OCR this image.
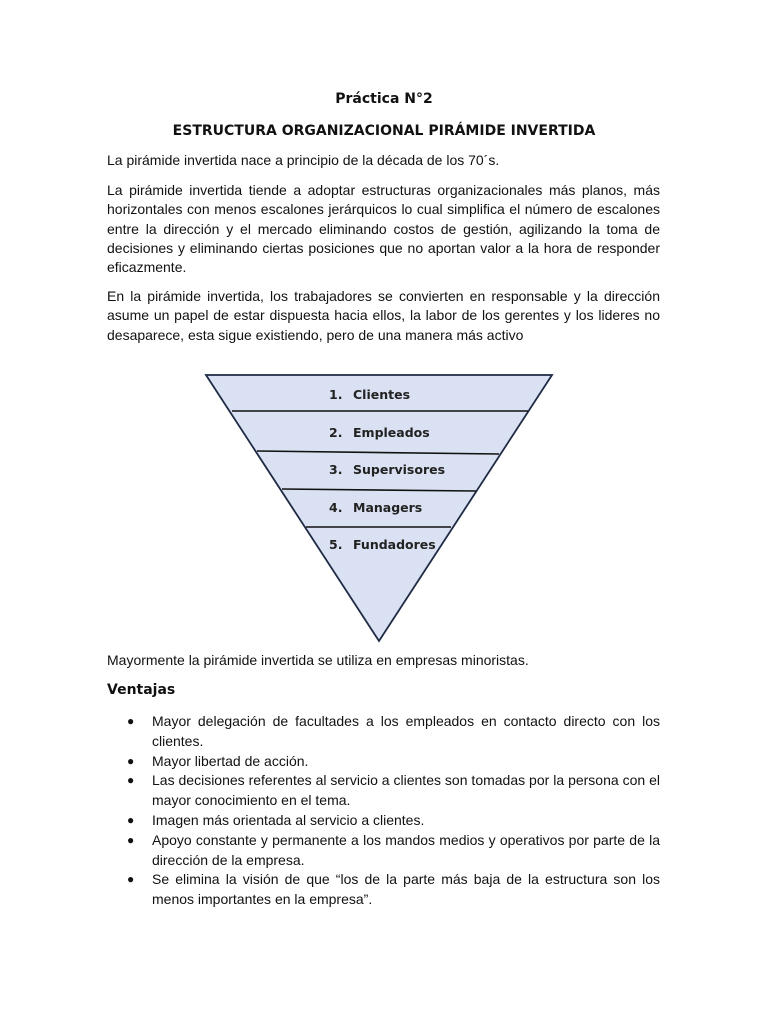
Práctica N°2
ESTRUCTURA ORGANIZACIONAL PIRÁMIDE INVERTIDA

La pirámide invertida nace a principio de la década de los 70´s.

La pirámide invertida tiende a adoptar estructuras organizacionales más planos, más horizontales con menos escalones jerárquicos lo cual simplifica el número de escalones entre la dirección y el mercado eliminando costos de gestión, agilizando la toma de decisiones y eliminando ciertas posiciones que no aportan valor a la hora de responder eficazmente.

En la pirámide invertida, los trabajadores se convierten en responsable y la dirección asume un papel de estar dispuesta hacia ellos, la labor de los gerentes y los lideres no desaparece, esta sigue existiendo, pero de una manera más activo

1. Clientes
2. Empleados
3. Supervisores
4. Managers
5. Fundadores

Mayormente la pirámide invertida se utiliza en empresas minoristas.

Ventajas
● Mayor delegación de facultades a los empleados en contacto directo con los clientes.
● Mayor libertad de acción.
● Las decisiones referentes al servicio a clientes son tomadas por la persona con el mayor conocimiento en el tema.
● Imagen más orientada al servicio a clientes.
● Apoyo constante y permanente a los mandos medios y operativos por parte de la dirección de la empresa.
● Se elimina la visión de que “los de la parte más baja de la estructura son los menos importantes en la empresa”.
